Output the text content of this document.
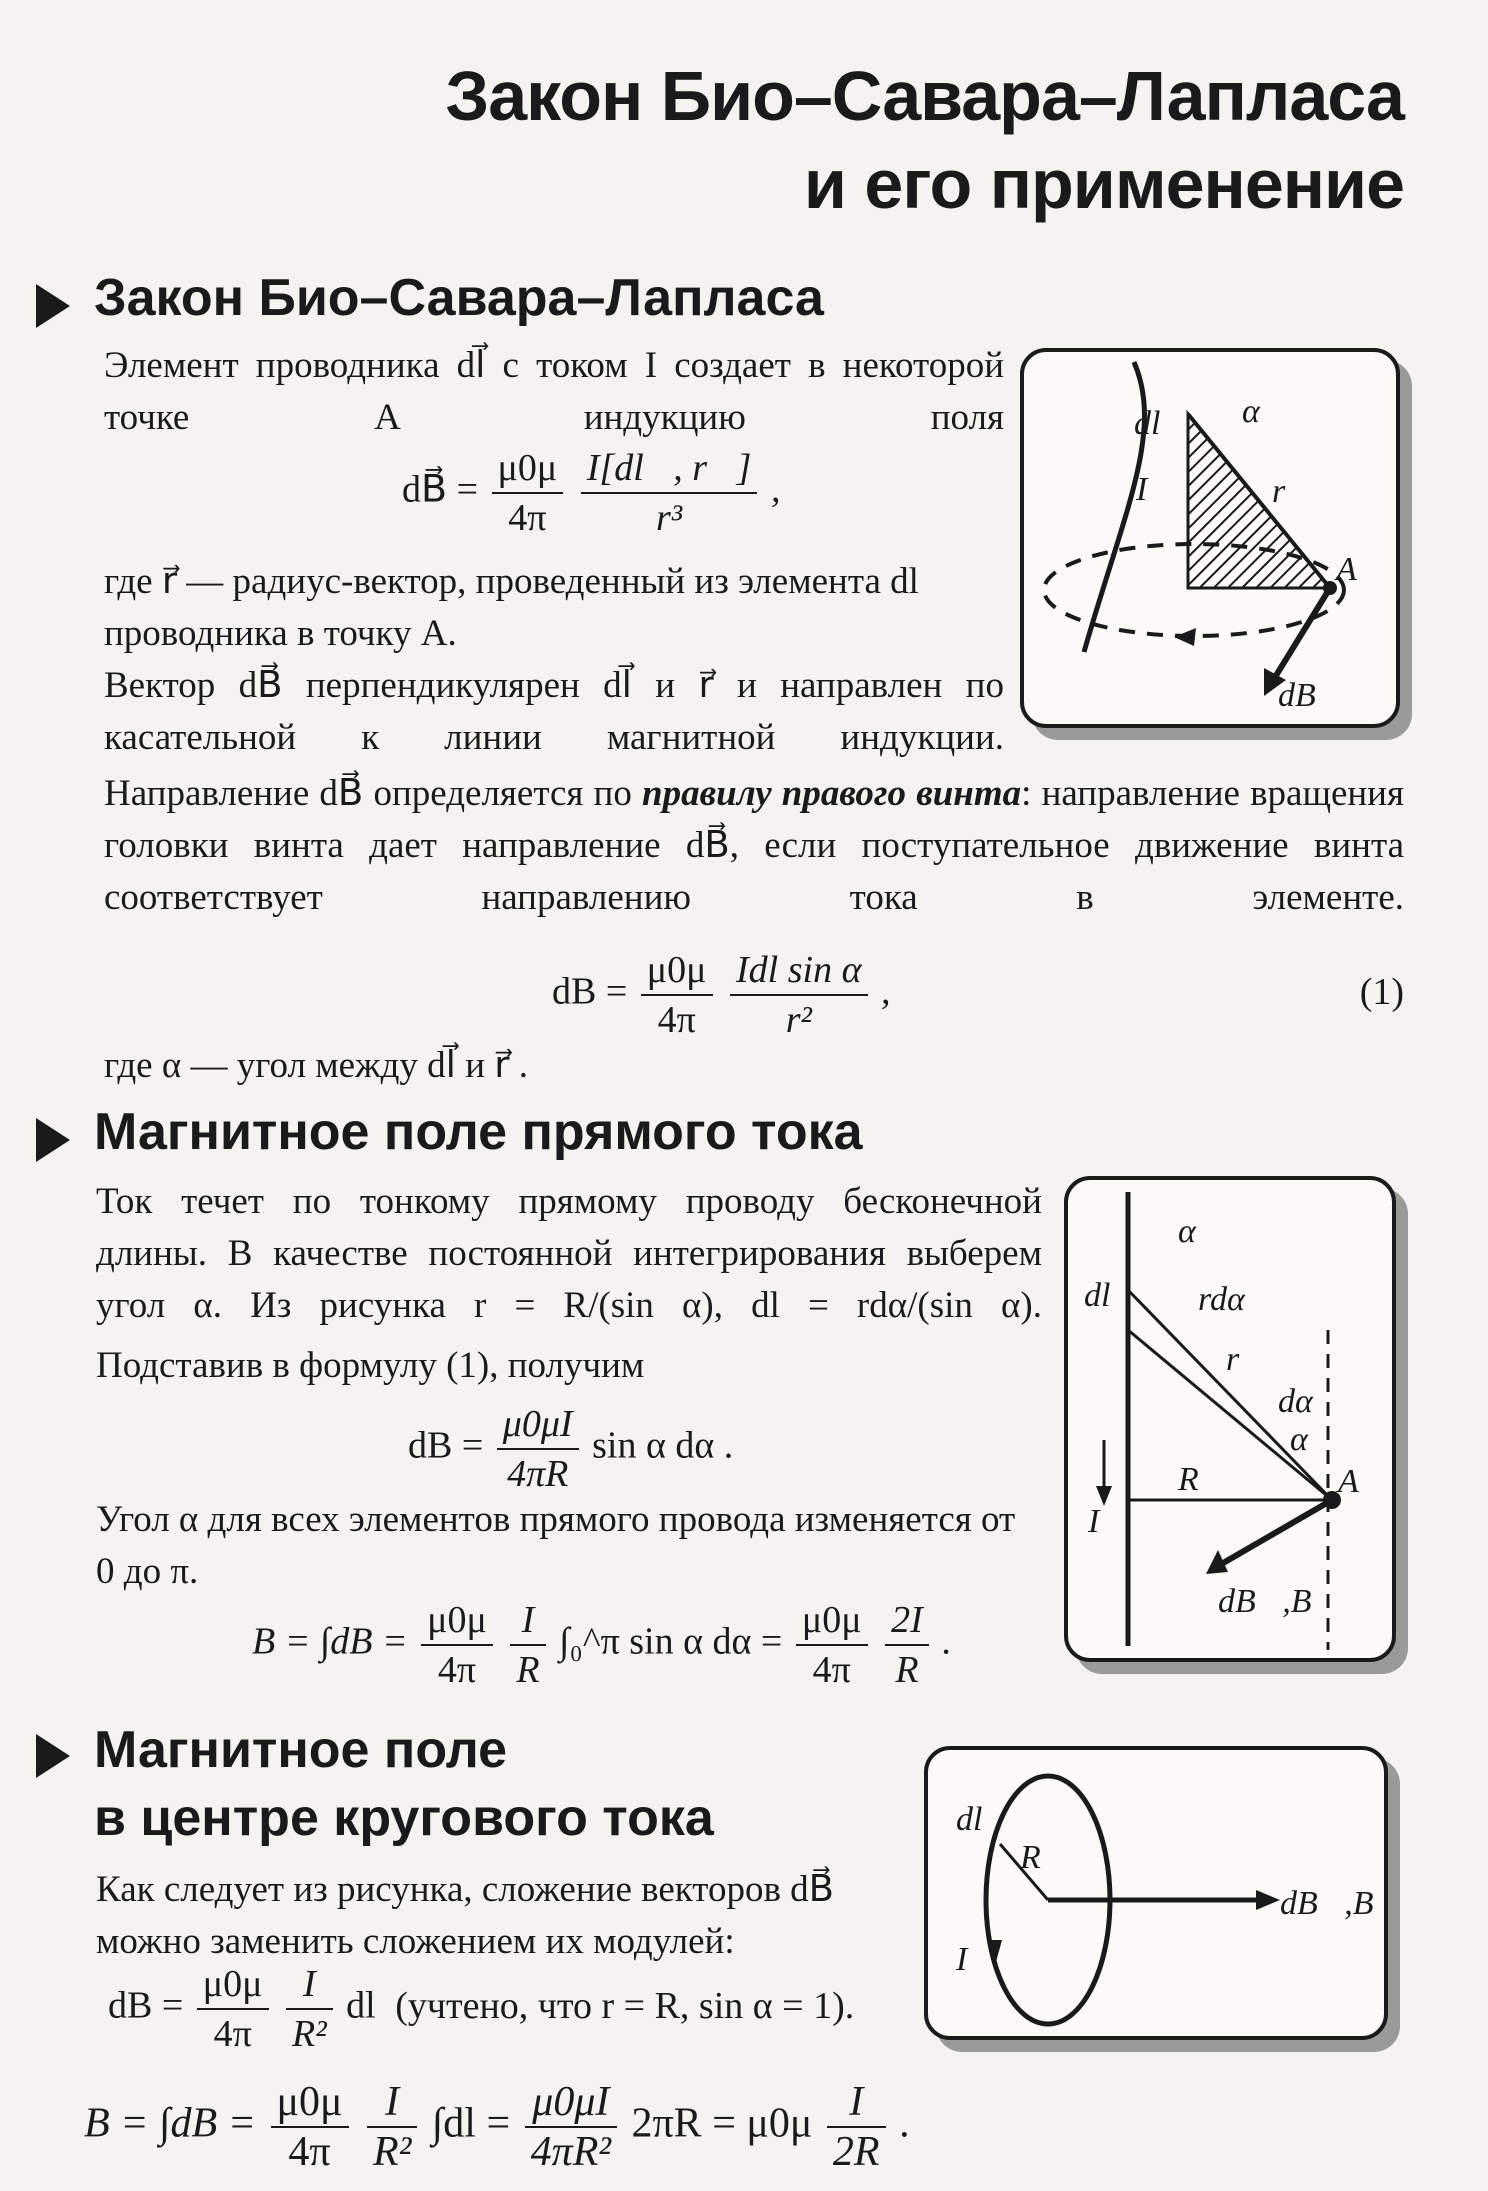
Закон Био–Савара–Лапласа
и его применение
Закон Био–Савара–Лапласа
Элемент проводника dl⃗ с током I создает в некоторой точке A индукцию поля
dB⃗ = $\frac{\mu 0\mu}{4\pi}$
$\frac{I[dl⃗, r⃗]}{\text{r³}}$ ,
где r⃗ — радиус-вектор, проведенный из элемента dl проводника в точку A.
Вектор dB⃗ перпендикулярен dl⃗ и r⃗ и направлен по касательной к линии магнитной индукции.
Направление dB⃗ определяется по правилу правого винта: направление вращения головки винта дает направление dB⃗, если поступательное движение винта соответствует направлению тока в элементе.
dB = $\frac{\mu 0\mu}{4\pi}$
$\frac{\text{Idl sin α}}{\text{r²}}$ ,	(1)
где α — угол между dl⃗ и r⃗ .
dl⃗ α
I	r⃗
A
dB⃗
Магнитное поле прямого тока
Ток течет по тонкому прямому проводу бесконечной длины. В качестве постоянной интегрирования выберем угол α. Из рисунка r = R/(sin α), dl = rdα/(sin α).
Подставив в формулу (1), получим
dB = $\frac{\mu 0\mu I}{4\pi R}$ sin α dα .
Угол α для всех элементов прямого провода изменяется от 0 до π.
$B = \int dB = \frac{\mu 0\mu}{4\pi}$
$\frac{I}{R}$ ∫₀^π sin α $d\alpha = \frac{\mu 0\mu}{4\pi}$
$\frac{2I}{R}$ .
α
dl	rdα
r
dα
α
A
R
I
dB⃗,B⃗
Магнитное поле
в центре кругового тока
Как следует из рисунка, сложение векторов dB⃗ можно заменить сложением их модулей:
dB = $\frac{\mu 0\mu}{4\pi}$
$\frac{I}{\text{R²}}$ dl (учтено, что r = R, sin α = 1).
$B = \int dB = \frac{\mu 0\mu}{4\pi}$
$\frac{I}{\text{R²}} \int dl = \frac{\mu 0\mu I}{\text{4πR²}} 2\pi R = \mu 0\mu \frac{I}{2R}$ .
dl
R
I
dB⃗,B⃗
